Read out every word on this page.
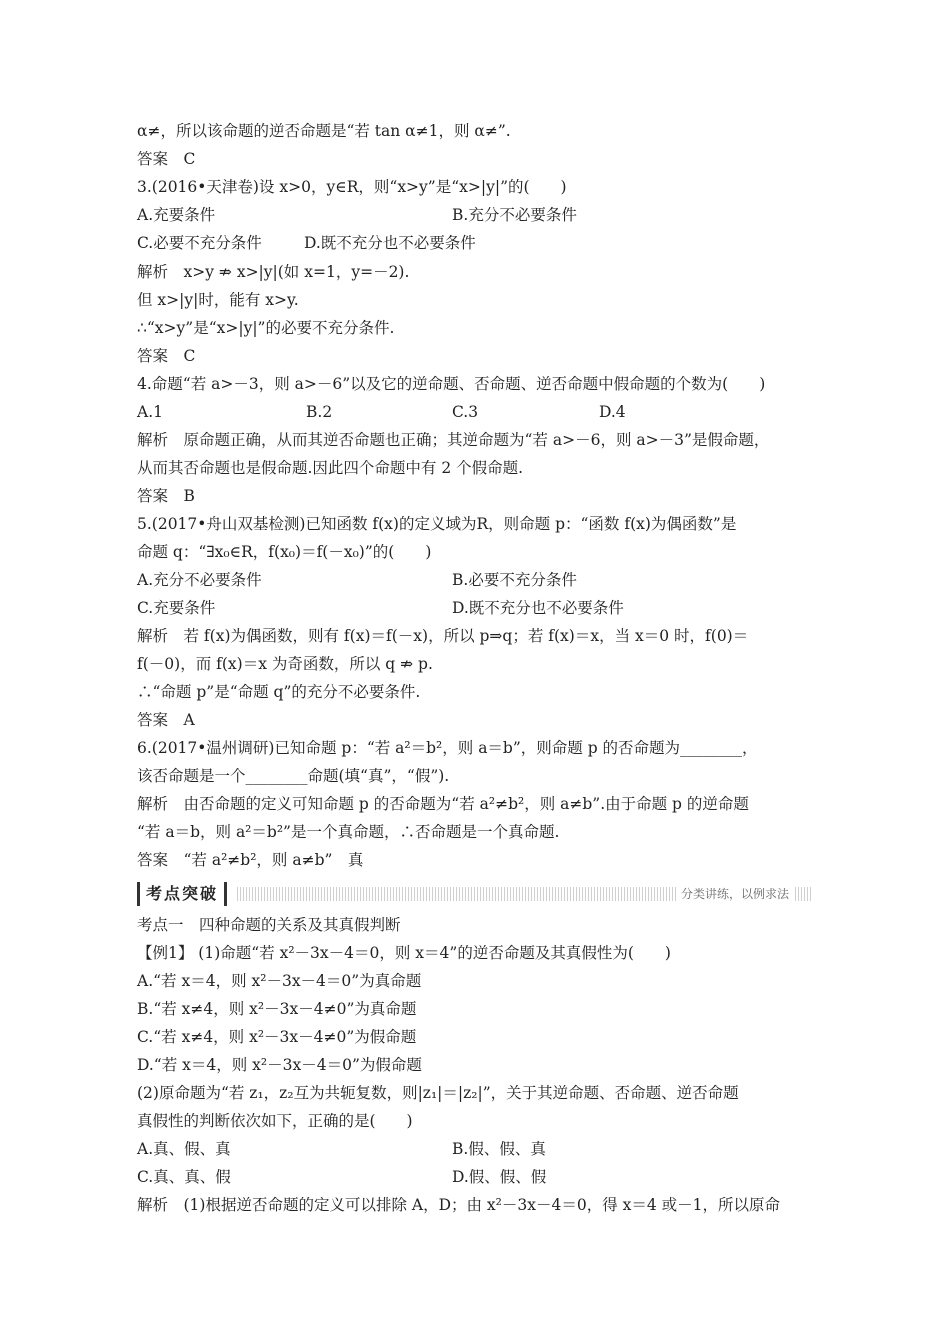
α≠，所以该命题的逆否命题是“若 tan α≠1，则 α≠”.
答案　C
3.(2016•天津卷)设 x>0，y∈R，则“x>y”是“x>|y|”的(　　)
A.充要条件	B.充分不必要条件
C.必要不充分条件	D.既不充分也不必要条件
解析　x>y ⇏ x>|y|(如 x=1，y=－2).
但 x>|y|时，能有 x>y.
∴“x>y”是“x>|y|”的必要不充分条件.
答案　C
4.命题“若 a>－3，则 a>－6”以及它的逆命题、否命题、逆否命题中假命题的个数为(　　)
A.1	B.2	C.3	D.4
解析　原命题正确，从而其逆否命题也正确；其逆命题为“若 a>－6，则 a>－3”是假命题，
从而其否命题也是假命题.因此四个命题中有 2 个假命题.
答案　B
5.(2017•舟山双基检测)已知函数 f(x)的定义域为R，则命题 p：“函数 f(x)为偶函数”是
命题 q：“∃x₀∈R，f(x₀)＝f(－x₀)”的(　　)
A.充分不必要条件	B.必要不充分条件
C.充要条件	D.既不充分也不必要条件
解析　若 f(x)为偶函数，则有 f(x)＝f(－x)，所以 p⇒q；若 f(x)＝x，当 x＝0 时，f(0)＝
f(－0)，而 f(x)＝x 为奇函数，所以 q ⇏ p.
∴“命题 p”是“命题 q”的充分不必要条件.
答案　A
6.(2017•温州调研)已知命题 p：“若 a²＝b²，则 a＝b”，则命题 p 的否命题为________，
该否命题是一个________命题(填“真”，“假”).
解析　由否命题的定义可知命题 p 的否命题为“若 a²≠b²，则 a≠b”.由于命题 p 的逆命题
“若 a＝b，则 a²＝b²”是一个真命题，∴否命题是一个真命题.
答案　“若 a²≠b²，则 a≠b”　真
考点突破	分类讲练，以例求法
考点一　四种命题的关系及其真假判断
【例1】 (1)命题“若 x²－3x－4＝0，则 x＝4”的逆否命题及其真假性为(　　)
A.“若 x＝4，则 x²－3x－4＝0”为真命题
B.“若 x≠4，则 x²－3x－4≠0”为真命题
C.“若 x≠4，则 x²－3x－4≠0”为假命题
D.“若 x＝4，则 x²－3x－4＝0”为假命题
(2)原命题为“若 z₁，z₂互为共轭复数，则|z₁|＝|z₂|”，关于其逆命题、否命题、逆否命题
真假性的判断依次如下，正确的是(　　)
A.真、假、真	B.假、假、真
C.真、真、假	D.假、假、假
解析　(1)根据逆否命题的定义可以排除 A，D；由 x²－3x－4＝0，得 x＝4 或－1，所以原命
